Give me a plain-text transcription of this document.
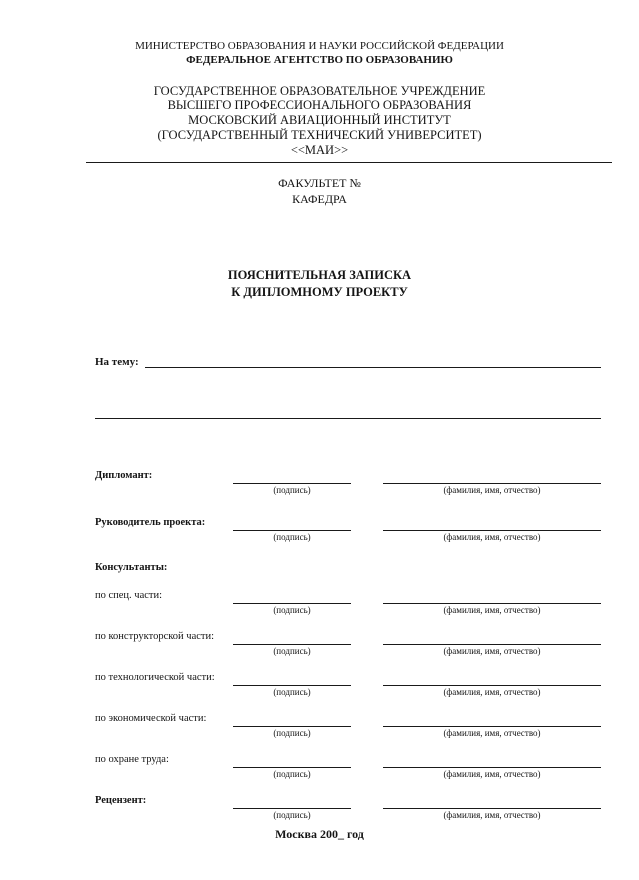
МИНИСТЕРСТВО ОБРАЗОВАНИЯ И НАУКИ РОССИЙСКОЙ ФЕДЕРАЦИИ
ФЕДЕРАЛЬНОЕ АГЕНТСТВО ПО ОБРАЗОВАНИЮ
ГОСУДАРСТВЕННОЕ ОБРАЗОВАТЕЛЬНОЕ УЧРЕЖДЕНИЕ
ВЫСШЕГО ПРОФЕССИОНАЛЬНОГО ОБРАЗОВАНИЯ
МОСКОВСКИЙ АВИАЦИОННЫЙ ИНСТИТУТ
(ГОСУДАРСТВЕННЫЙ ТЕХНИЧЕСКИЙ УНИВЕРСИТЕТ)
<<МАИ>>
ФАКУЛЬТЕТ №
КАФЕДРА
ПОЯСНИТЕЛЬНАЯ ЗАПИСКА
К ДИПЛОМНОМУ ПРОЕКТУ
На тему:
Дипломант:
(подпись)	(фамилия, имя, отчество)
Руководитель проекта:
(подпись)	(фамилия, имя, отчество)
Консультанты:
по спец. части:
(подпись)	(фамилия, имя, отчество)
по конструкторской части:
(подпись)	(фамилия, имя, отчество)
по технологической части:
(подпись)	(фамилия, имя, отчество)
по экономической части:
(подпись)	(фамилия, имя, отчество)
по охране труда:
(подпись)	(фамилия, имя, отчество)
Рецензент:
(подпись)	(фамилия, имя, отчество)
Москва 200_ год
